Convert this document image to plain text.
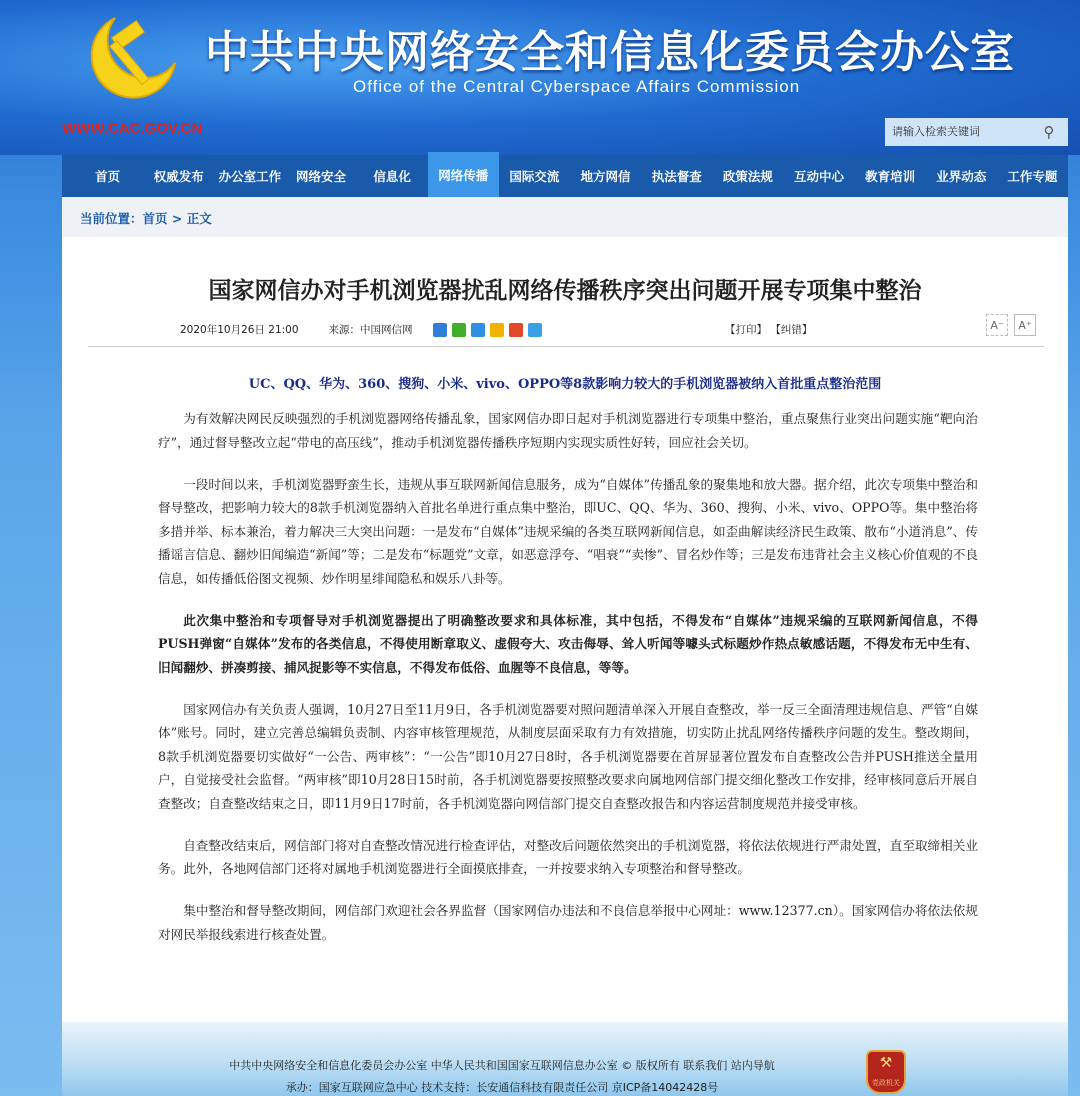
中共中央网络安全和信息化委员会办公室
Office of the Central Cyberspace Affairs Commission
WWW.CAC.GOV.CN
请输入检索关键词	⚲
首页	权威发布	办公室工作	网络安全	信息化	网络传播	国际交流	地方网信	执法督查	政策法规	互动中心	教育培训	业界动态	工作专题
当前位置：首页 > 正文
国家网信办对手机浏览器扰乱网络传播秩序突出问题开展专项集中整治
2020年10月26日 21:00	来源： 中国网信网	【打印】 【纠错】	A⁻	A⁺
UC、QQ、华为、360、搜狗、小米、vivo、OPPO等8款影响力较大的手机浏览器被纳入首批重点整治范围

为有效解决网民反映强烈的手机浏览器网络传播乱象，国家网信办即日起对手机浏览器进行专项集中整治，重点聚焦行业突出问题实施“靶向治疗”，通过督导整改立起“带电的高压线”，推动手机浏览器传播秩序短期内实现实质性好转，回应社会关切。

一段时间以来，手机浏览器野蛮生长，违规从事互联网新闻信息服务，成为“自媒体”传播乱象的聚集地和放大器。据介绍，此次专项集中整治和督导整改，把影响力较大的8款手机浏览器纳入首批名单进行重点集中整治，即UC、QQ、华为、360、搜狗、小米、vivo、OPPO等。集中整治将多措并举、标本兼治，着力解决三大突出问题：一是发布“自媒体”违规采编的各类互联网新闻信息，如歪曲解读经济民生政策、散布“小道消息”、传播谣言信息、翻炒旧闻编造“新闻”等；二是发布“标题党”文章，如恶意浮夸、“唱衰”“卖惨”、冒名炒作等；三是发布违背社会主义核心价值观的不良信息，如传播低俗图文视频、炒作明星绯闻隐私和娱乐八卦等。

此次集中整治和专项督导对手机浏览器提出了明确整改要求和具体标准，其中包括，不得发布“自媒体”违规采编的互联网新闻信息，不得PUSH弹窗“自媒体”发布的各类信息，不得使用断章取义、虚假夸大、攻击侮辱、耸人听闻等噱头式标题炒作热点敏感话题，不得发布无中生有、旧闻翻炒、拼凑剪接、捕风捉影等不实信息，不得发布低俗、血腥等不良信息，等等。

国家网信办有关负责人强调，10月27日至11月9日，各手机浏览器要对照问题清单深入开展自查整改，举一反三全面清理违规信息、严管“自媒体”账号。同时，建立完善总编辑负责制、内容审核管理规范，从制度层面采取有力有效措施，切实防止扰乱网络传播秩序问题的发生。整改期间，8款手机浏览器要切实做好“一公告、两审核”：“一公告”即10月27日8时，各手机浏览器要在首屏显著位置发布自查整改公告并PUSH推送全量用户，自觉接受社会监督。“两审核”即10月28日15时前，各手机浏览器要按照整改要求向属地网信部门提交细化整改工作安排，经审核同意后开展自查整改；自查整改结束之日，即11月9日17时前，各手机浏览器向网信部门提交自查整改报告和内容运营制度规范并接受审核。

自查整改结束后，网信部门将对自查整改情况进行检查评估，对整改后问题依然突出的手机浏览器，将依法依规进行严肃处置，直至取缔相关业务。此外，各地网信部门还将对属地手机浏览器进行全面摸底排查，一并按要求纳入专项整治和督导整改。

集中整治和督导整改期间，网信部门欢迎社会各界监督（国家网信办违法和不良信息举报中心网址：www.12377.cn）。国家网信办将依法依规对网民举报线索进行核查处置。

中共中央网络安全和信息化委员会办公室 中华人民共和国国家互联网信息办公室 © 版权所有 联系我们 站内导航
承办：国家互联网应急中心 技术支持：长安通信科技有限责任公司 京ICP备14042428号
⚒
党政机关
